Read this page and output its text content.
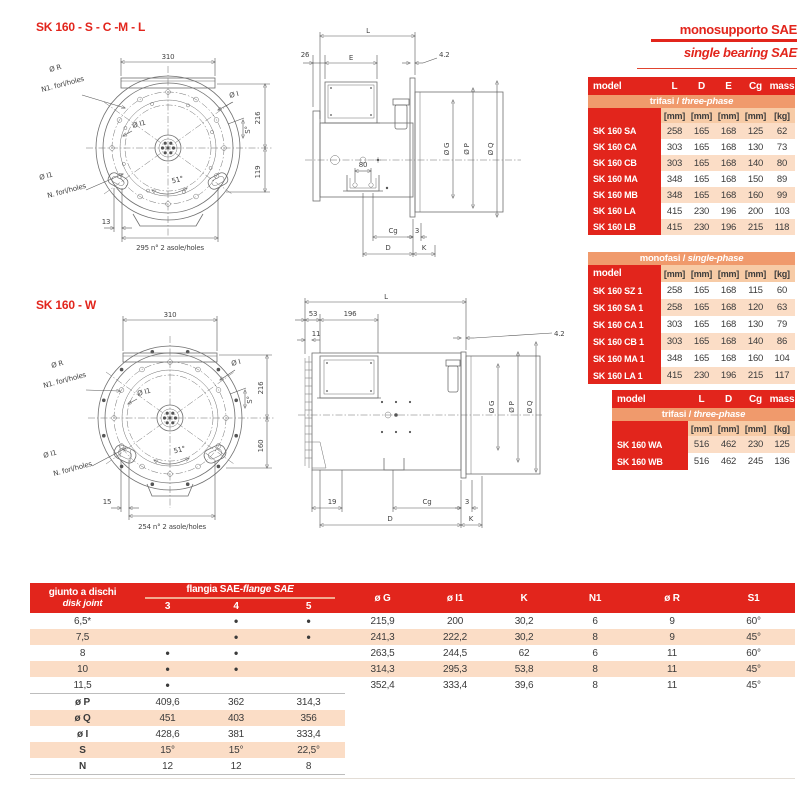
SK 160 - S - C -M - L
SK 160 - W
monosupporto SAE
single bearing SAE
310
216
119
S°
51°
Ø R
N1. fori/holes
Ø I
Ø I1
Ø I1
N. fori/holes
13
295 n° 2 asole/holes
L
26	E	4.2
80
Ø G Ø P Ø Q
Cg 3
D	K
310
216
160
S°
51°
Ø R
N1. fori/holes
Ø I
Ø I1
Ø I1
N. fori/holes
15
254 n° 2 asole/holes
L
53	196
11	4.2
Ø G Ø P Ø Q
19	Cg	3
D	K
model	L	D	E	Cg	mass
trifasi / three-phase					
	[mm]	[mm]	[mm]	[mm]	[kg]
SK 160 SA	258	165	168	125	62
SK 160 CA	303	165	168	130	73
SK 160 CB	303	165	168	140	80
SK 160 MA	348	165	168	150	89
SK 160 MB	348	165	168	160	99
SK 160 LA	415	230	196	200	103
SK 160 LB	415	230	196	215	118
monofasi / single-phase					
model	[mm]	[mm]	[mm]	[mm]	[kg]
SK 160 SZ 1	258	165	168	115	60
SK 160 SA 1	258	165	168	120	63
SK 160 CA 1	303	165	168	130	79
SK 160 CB 1	303	165	168	140	86
SK 160 MA 1	348	165	168	160	104
SK 160 LA 1	415	230	196	215	117
model	L	D	Cg	mass
trifasi / three-phase				
	[mm]	[mm]	[mm]	[kg]
SK 160 WA	516	462	230	125
SK 160 WB	516	462	245	136
giunto a dischi
disk joint	flangia SAE-flange SAE			ø G	ø I1	K	N1	ø R	S1
	3	4	5						
6,5*		•	•	215,9	200	30,2	6	9	60°
7,5		•	•	241,3	222,2	30,2	8	9	45°
8	•	•		263,5	244,5	62	6	11	60°
10	•	•		314,3	295,3	53,8	8	11	45°
11,5	•			352,4	333,4	39,6	8	11	45°
ø P	409,6	362	314,3						
ø Q	451	403	356						
ø I	428,6	381	333,4						
S	15°	15°	22,5°						
N	12	12	8						
